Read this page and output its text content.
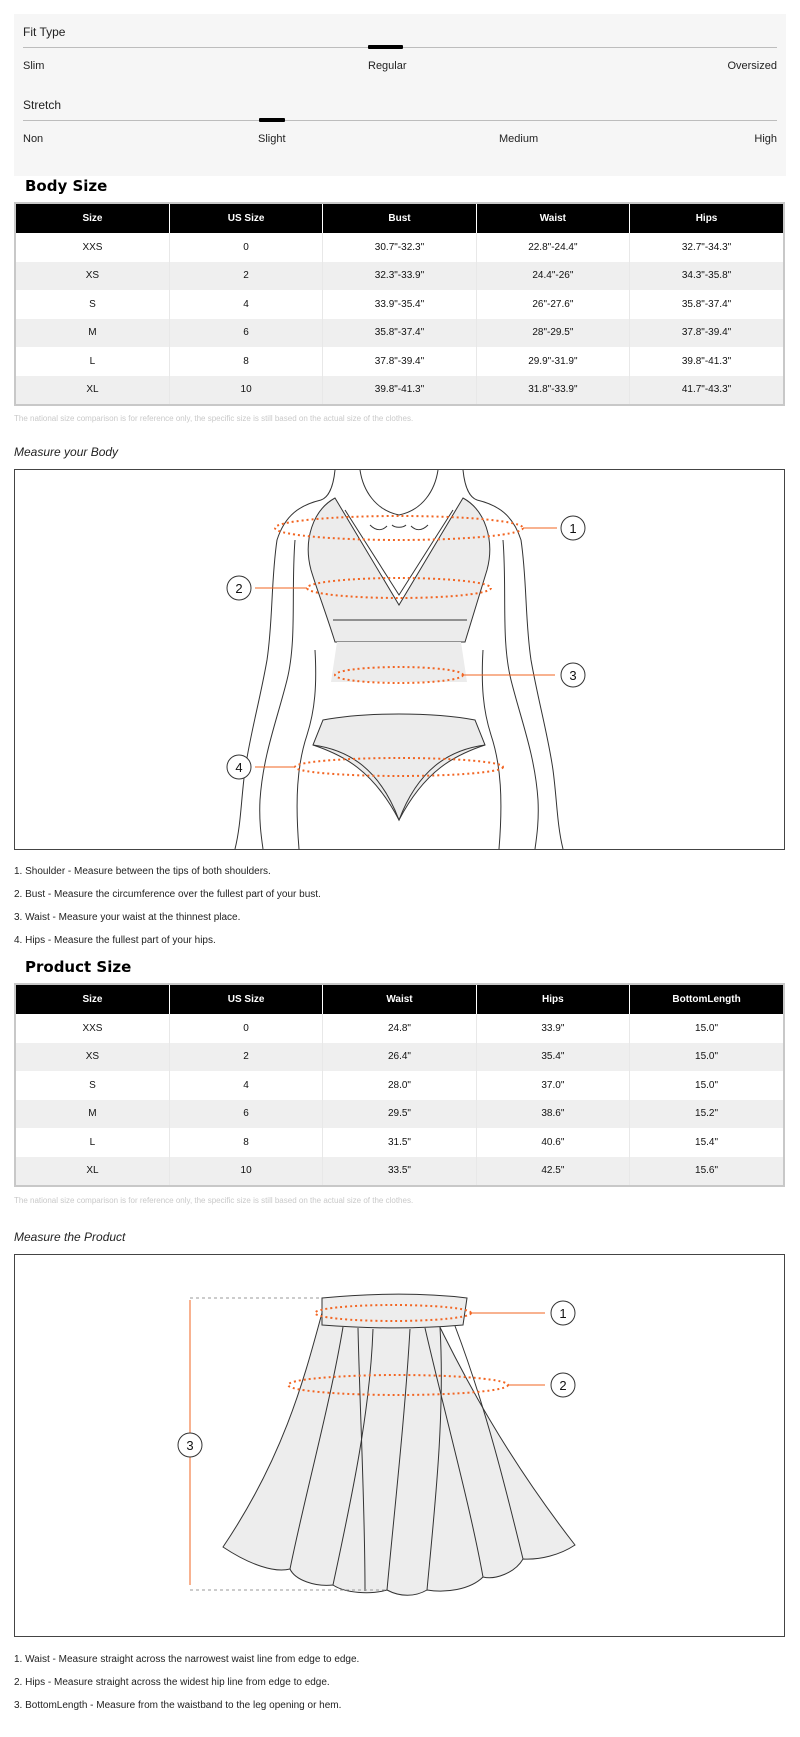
Fit Type
Slim	Regular	Oversized
Stretch
Non	Slight	Medium	High
Body Size
Size	US Size	Bust	Waist	Hips
XXS	0	30.7"-32.3"	22.8"-24.4"	32.7"-34.3"
XS	2	32.3"-33.9"	24.4"-26"	34.3"-35.8"
S	4	33.9"-35.4"	26"-27.6"	35.8"-37.4"
M	6	35.8"-37.4"	28"-29.5"	37.8"-39.4"
L	8	37.8"-39.4"	29.9"-31.9"	39.8"-41.3"
XL	10	39.8"-41.3"	31.8"-33.9"	41.7"-43.3"
The national size comparison is for reference only, the specific size is still based on the actual size of the clothes.
Measure your Body
1
2
3
4
1. Shoulder - Measure between the tips of both shoulders.
2. Bust - Measure the circumference over the fullest part of your bust.
3. Waist - Measure your waist at the thinnest place.
4. Hips - Measure the fullest part of your hips.
Product Size
Size	US Size	Waist	Hips	BottomLength
XXS	0	24.8"	33.9"	15.0"
XS	2	26.4"	35.4"	15.0"
S	4	28.0"	37.0"	15.0"
M	6	29.5"	38.6"	15.2"
L	8	31.5"	40.6"	15.4"
XL	10	33.5"	42.5"	15.6"
The national size comparison is for reference only, the specific size is still based on the actual size of the clothes.
Measure the Product
1
2
3
1. Waist - Measure straight across the narrowest waist line from edge to edge.
2. Hips - Measure straight across the widest hip line from edge to edge.
3. BottomLength - Measure from the waistband to the leg opening or hem.
